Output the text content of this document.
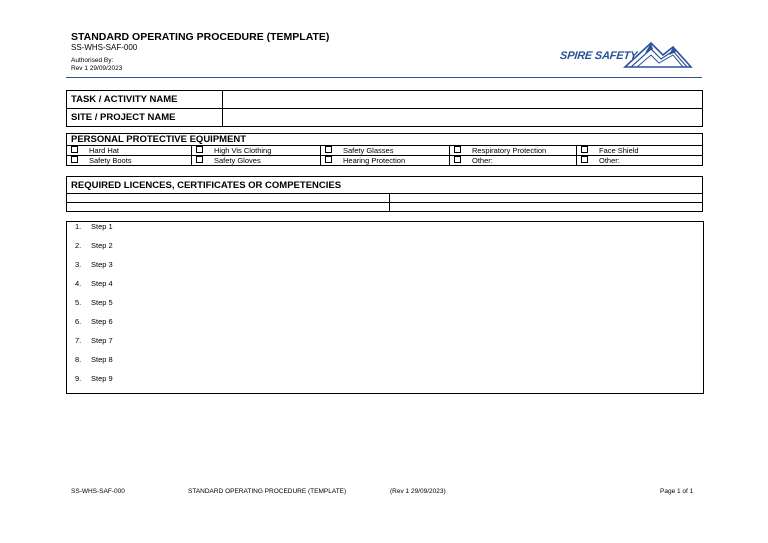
STANDARD OPERATING PROCEDURE (TEMPLATE)
SS-WHS-SAF-000
Authorised By:
Rev 1 29/09/2023
SPIRE SAFETY
TASK / ACTIVITY NAME	
SITE / PROJECT NAME	
PERSONAL PROTECTIVE EQUIPMENT				
Hard Hat	High Vis Clothing	Safety Glasses	Respiratory Protection	Face Shield
Safety Boots	Safety Gloves	Hearing Protection	Other:	Other:
REQUIRED LICENCES, CERTIFICATES OR COMPETENCIES	

1. Step 1
2. Step 2
3. Step 3
4. Step 4
5. Step 5
6. Step 6
7. Step 7
8. Step 8
9. Step 9
SS-WHS-SAF-000	STANDARD OPERATING PROCEDURE (TEMPLATE)	(Rev 1 29/09/2023)	Page 1 of 1
